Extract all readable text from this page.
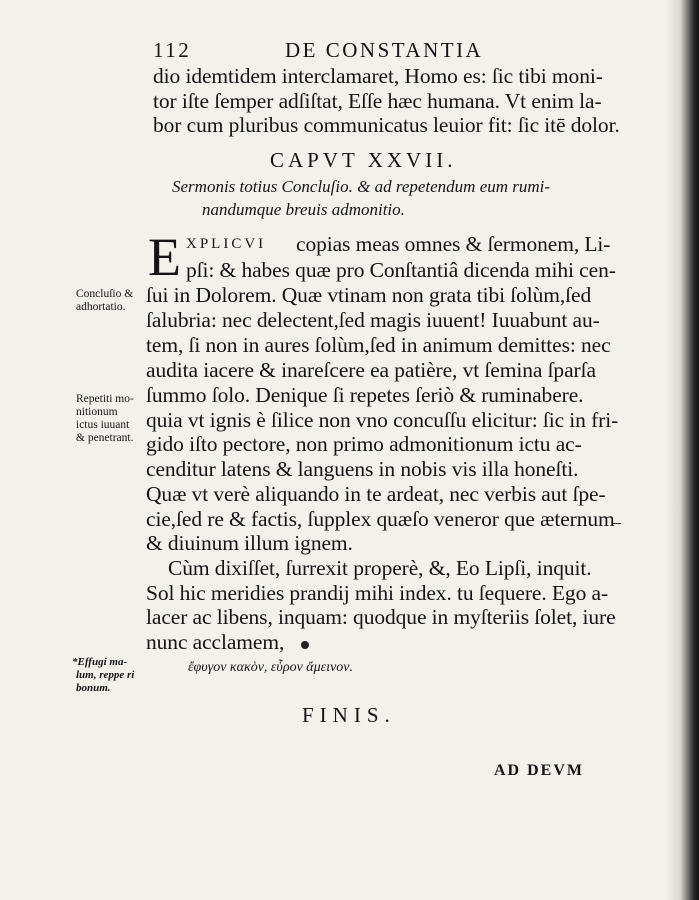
112	DE CONSTANTIA
dio idemtidem interclamaret, Homo es: ſic tibi moni-
tor iſte ſemper adſiſtat, Eſſe hæc humana. Vt enim la-
bor cum pluribus communicatus leuior fit: ſic itē dolor.
CAPVT XXVII.
Sermonis totius Concluſio. & ad repetendum eum rumi-
nandumque breuis admonitio.
E XPLICVI copias meas omnes & ſermonem, Li-
pſi: & habes quæ pro Conſtantiâ dicenda mihi cen-
ſui in Dolorem. Quæ vtinam non grata tibi ſolùm,ſed
ſalubria: nec delectent,ſed magis iuuent! Iuuabunt au-
tem, ſi non in aures ſolùm,ſed in animum demittes: nec
audita iacere & inareſcere ea patière, vt ſemina ſparſa
ſummo ſolo. Denique ſi repetes ſeriò & ruminabere.
quia vt ignis è ſilice non vno concuſſu elicitur: ſic in fri-
gido iſto pectore, non primo admonitionum ictu ac-
cenditur latens & languens in nobis vis illa honeſti.
Quæ vt verè aliquando in te ardeat, nec verbis aut ſpe-
cie,ſed re & factis, ſupplex quæſo veneror que æternum
& diuinum illum ignem.
Cùm dixiſſet, ſurrexit properè, &, Eo Lipſi, inquit.
Sol hic meridies prandij mihi index. tu ſequere. Ego a-
lacer ac libens, inquam: quodque in myſteriis ſolet, iure
nunc acclamem,
ἔφυγον κακὸν, εὗρον ἄμεινον.
Concluſio &
adhortatio.
Repetiti mo-
nitionum
ictus iuuant
& penetrant.
*Effugi ma-
lum, reppe ri
bonum.
FINIS.
AD DEVM
–
